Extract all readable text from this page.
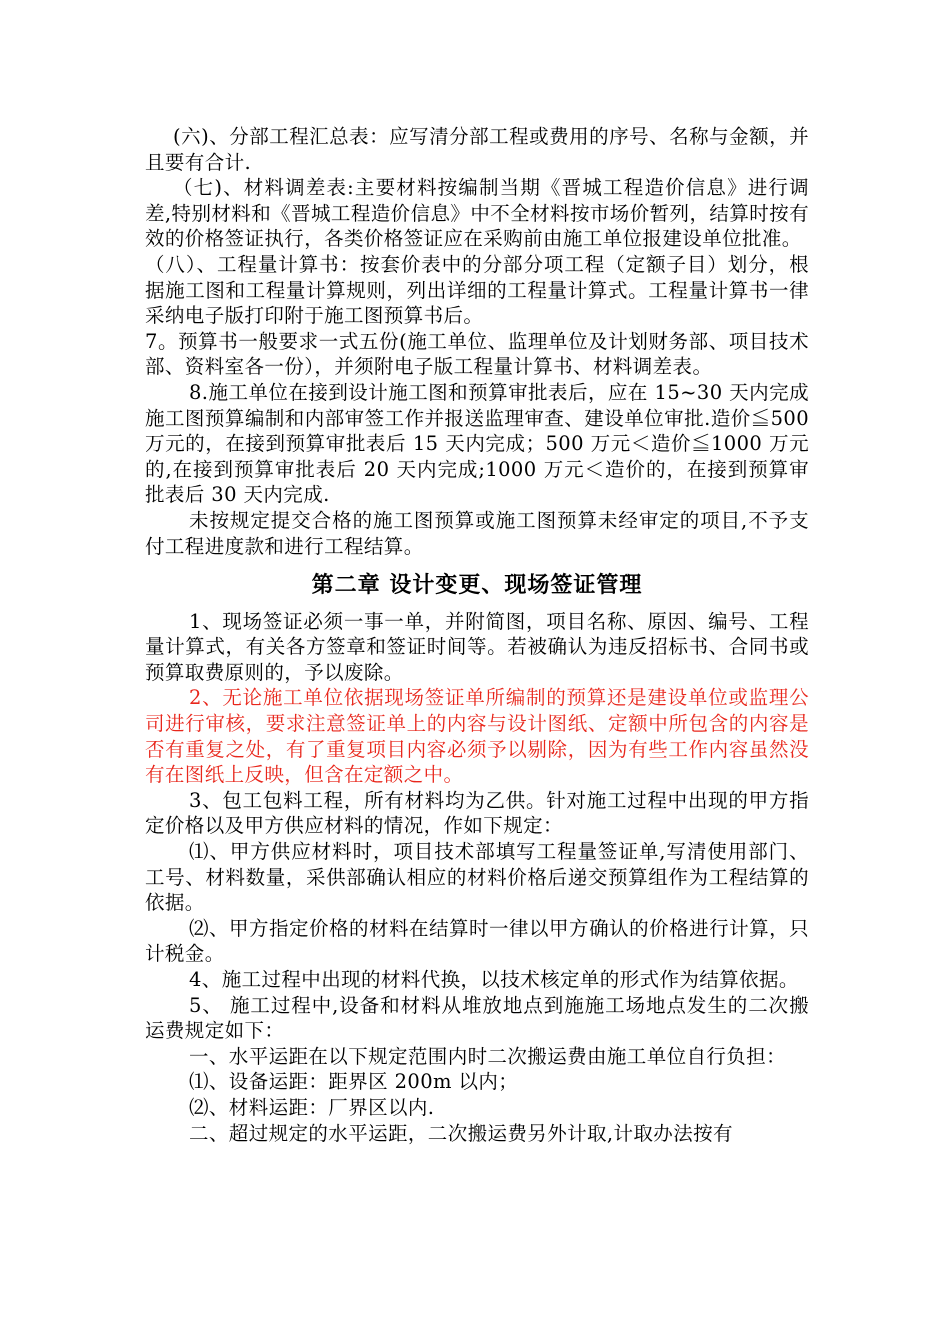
(六)、分部工程汇总表：应写清分部工程或费用的序号、名称与金额，并且要有合计.

（七)、材料调差表:主要材料按编制当期《晋城工程造价信息》进行调差,特别材料和《晋城工程造价信息》中不全材料按市场价暂列，结算时按有效的价格签证执行，各类价格签证应在采购前由施工单位报建设单位批准。

（八）、工程量计算书：按套价表中的分部分项工程（定额子目）划分，根据施工图和工程量计算规则，列出详细的工程量计算式。工程量计算书一律采纳电子版打印附于施工图预算书后。

7。预算书一般要求一式五份(施工单位、监理单位及计划财务部、项目技术部、资料室各一份），并须附电子版工程量计算书、材料调差表。

8.施工单位在接到设计施工图和预算审批表后，应在 15~30 天内完成施工图预算编制和内部审签工作并报送监理审查、建设单位审批.造价≦500 万元的，在接到预算审批表后 15 天内完成；500 万元＜造价≦1000 万元的,在接到预算审批表后 20 天内完成;1000 万元＜造价的，在接到预算审批表后 30 天内完成.

未按规定提交合格的施工图预算或施工图预算未经审定的项目,不予支付工程进度款和进行工程结算。

第二章 设计变更、现场签证管理

1、现场签证必须一事一单，并附简图，项目名称、原因、编号、工程量计算式，有关各方签章和签证时间等。若被确认为违反招标书、合同书或预算取费原则的，予以废除。

2、无论施工单位依据现场签证单所编制的预算还是建设单位或监理公司进行审核，要求注意签证单上的内容与设计图纸、定额中所包含的内容是否有重复之处，有了重复项目内容必须予以剔除，因为有些工作内容虽然没有在图纸上反映，但含在定额之中。

3、包工包料工程，所有材料均为乙供。针对施工过程中出现的甲方指定价格以及甲方供应材料的情况，作如下规定：

⑴、甲方供应材料时，项目技术部填写工程量签证单,写清使用部门、工号、材料数量，采供部确认相应的材料价格后递交预算组作为工程结算的依据。

⑵、甲方指定价格的材料在结算时一律以甲方确认的价格进行计算，只计税金。

4、施工过程中出现的材料代换，以技术核定单的形式作为结算依据。

5、 施工过程中,设备和材料从堆放地点到施施工场地点发生的二次搬运费规定如下：

一、水平运距在以下规定范围内时二次搬运费由施工单位自行负担：

⑴、设备运距：距界区 200m 以内；

⑵、材料运距：厂界区以内.

二、超过规定的水平运距，二次搬运费另外计取,计取办法按有
